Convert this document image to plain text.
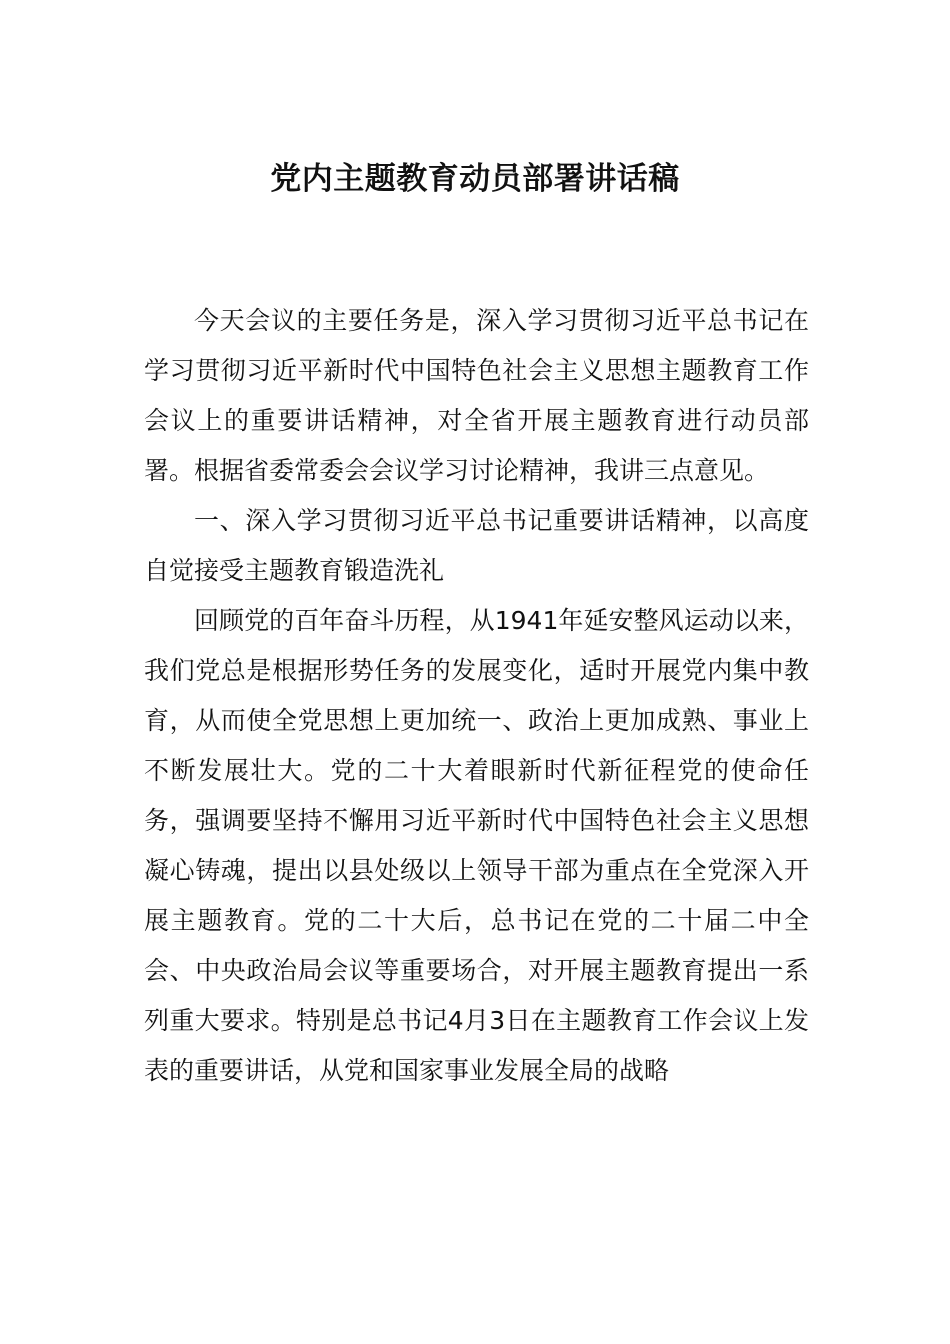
党内主题教育动员部署讲话稿

今天会议的主要任务是，深入学习贯彻习近平总书记在学习贯彻习近平新时代中国特色社会主义思想主题教育工作会议上的重要讲话精神，对全省开展主题教育进行动员部署。根据省委常委会会议学习讨论精神，我讲三点意见。

一、深入学习贯彻习近平总书记重要讲话精神，以高度自觉接受主题教育锻造洗礼

回顾党的百年奋斗历程，从1941年延安整风运动以来，我们党总是根据形势任务的发展变化，适时开展党内集中教育，从而使全党思想上更加统一、政治上更加成熟、事业上不断发展壮大。党的二十大着眼新时代新征程党的使命任务，强调要坚持不懈用习近平新时代中国特色社会主义思想凝心铸魂，提出以县处级以上领导干部为重点在全党深入开展主题教育。党的二十大后，总书记在党的二十届二中全会、中央政治局会议等重要场合，对开展主题教育提出一系列重大要求。特别是总书记4月3日在主题教育工作会议上发表的重要讲话，从党和国家事业发展全局的战略
